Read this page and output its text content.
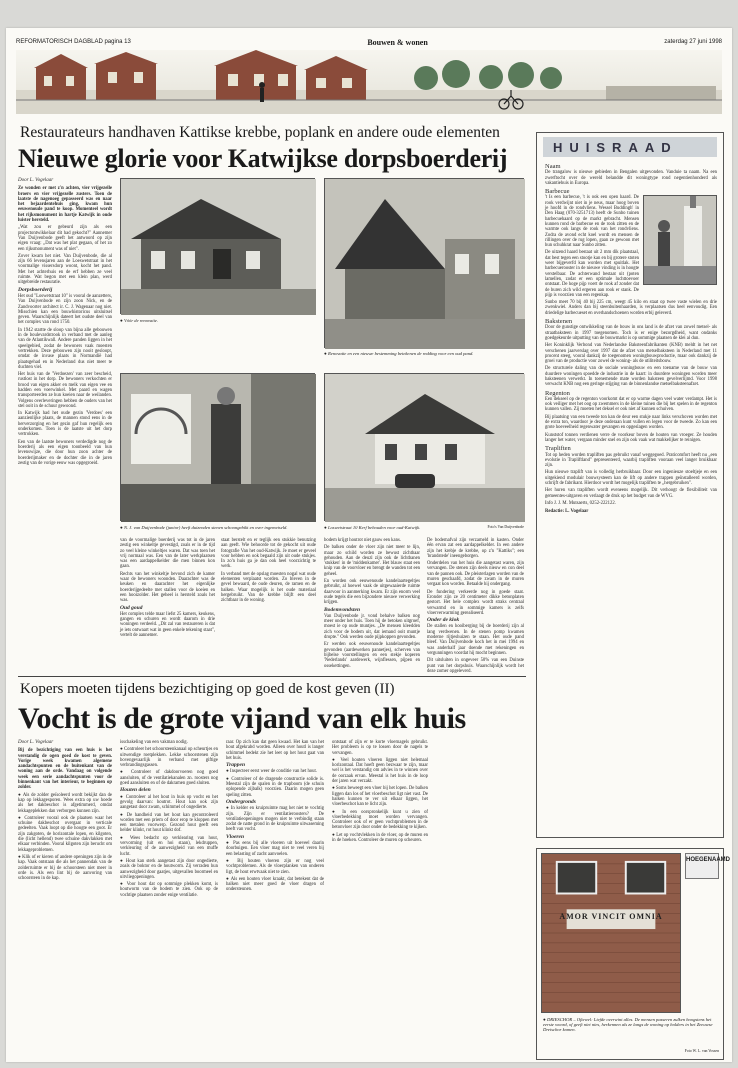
REFORMATORISCH DAGBLAD pagina 13	Bouwen & wonen	zaterdag 27 juni 1998
Restaurateurs handhaven Kattikse krebbe, poplank en andere oude elementen
Nieuwe glorie voor Katwijkse dorpsboerderij
Door L. Vogelaar

Ze wonden er met z'n achten, vier vrijgezelle broers en vier vrijgezelle zusters. Toen de laatste de nagenoeg gepasseerd was en naar het bejaardentehuis ging, kwam hun eeuwenoude pand te koop. Momenteel wordt het rijksmonument in hartje Katwijk in oude luister hersteld.

„Wat zou er gebeurd zijn als een projectontwikkelaar dit had gekocht?" Aannemer Van Duijvenbode geeft het antwoord op zijn eigen vraag: „Dat was het plat gegaan, of het zo een rijksmonument was of niet".

Zover kwam het niet. Van Duijvenbode, die al zijn 66 levensjaren aan de Loeswetstraat in het voormalige vissersdorp woont, kocht het pand. Met het achterhuis en de erf hebben ze veel ruimte. Wat begon met een klein plan, werd uitgebreide restauratie.

Dorpsboerderij

Het oud "Loswetstraat 10" is vooral de aanzetters, Van Duijvenbode en zijn zoon Nick, en de Zandvoorter architect ir. C. J. Wagenaar nog niet. Misschien kan een bouwhistoricus uitsluitsel geven. Waarschijnlijk dateert het oudste deel van het complex van rond 1750.

In 1942 startte de sloop van bijna alle gebouwen in de boulevardstrook in verband met de aanleg van de Atlantikwall. Andere panden liggen in het speelgebied, zodat de bewoners vaak moesten vertrekken. Deze gebouwen zijn nooit gesloopt, omdat de invase plaats in Normandië had plaatsgehad en in Nederland dus niet meer te duchten viel.

Het huis van de 'Verdoezen' van zeer bescheid, rustlost in het dorp. De bewoners verkochten er brood van eigen akker en melk van eigen vee en hadden een voerwinkel. Met paard en wagen transporteerden ze hun koeien naar de weilanden. Volgens overleveringen hebben de ouders van het stel ooit in de schuur gewoond.

In Katwijk had het oude gezin 'Verdoes' een aanzienlijke plaats, de mannen stond eens in de herverzorging en het gezin gaf hun regelijk een onderkomen. Toen is de laatste uit het dorp vertrokken.

Een van de laatste bewoners verdedigde nog de boerderij als een eigen toonbeeld van hun levenswijze, die door hun zoon achter de boerderijmaker en de dochter die in de jaren zestig van de vorige eeuw was opgegroeid.

● Vóór de renovatie.
● Renovatie en een nieuwe bestemming betekenen de redding voor een oud pand.
● N. J. van Duijvenbode (junior) heeft duizenden stenen schoongebikt en over ingemetseld.	● Loswetstraat 10 Kerf behouden voor oud-Katwijk.	Foto's Van Duijvenbode

van de voormalige boerderij was tot in de jaren zestig een winkeltje gevestigd, zoals er in de tijd zo veel kleine winkeltjes waren. Dat was toen het vrij normaal was. Een van de later werkplaatsen was een aardappelkelder die men binnen kon gaan.

Rechts van het winkeltje bevond zich de kamer waar de bewoners woonden. Daarachter was de keuken en daarachter het eigenlijke boerderijgedeelte met stallen voor de koeien en een hooizolder. Het geheel is hersteld zoals het was.

Oud goud

Het complex telde maar liefst 25 kamers, keukens, gangen en schuren en wordt daarom in drie woningen verdeeld. „Dit zal van restaureren is dat je iets ontwaart wat in geen enkele tekening staat", vertelt de aannemer.

staat berstelt en er teglijk een stukkie benutzing aan geeft. Wie behoorde tot de gekocht uit oude fotografie Van het oud-Katwijk. Je moet er geveel voor hebben en ook begaald zijn uit oude stukjes. In zo'n huis ga je dan ook heel voorzichtig te werk.

In verband met de opslag moesten nogal wat oude elementen verplaatst worden. Zo bleven in de gevel bewaard, de oude deuren, de ramen en de balken. Waar mogelijk is het oude materiaal hergebruikt. Van de krebbe blijft een deel zichtbaar in de woning.

bodem krijgt houtrot niet gauw een kans.

De balken onder de vloer zijn niet meer te lijn, maar zo schild worden ze bewust zichtbaar gehouden. Aan de deuzl zijn ook de lichtbanen 'stukken' in de 'middenkamer'. Het blauw staat een knip van de voorvloer en brengt de wanden tot een geheel.

En worden ook eeuwenoude kandelaartegeltjes gebruikt, al hoewel vaak de uitgewaaierde ruimte daarvoor in aanmerking kwam. Er zijn enorm veel oude tegels die een bijzondere nieuwe verwerking krijgen.

Bodemvondsten

Van Duijvenbode jr. vond behalve balken nog meer onder het huis. Toen hij de betoken uitgroef, moest ie op oude muntjes. „De mensen kleedden zich voor de bodem uit, dat iemand ooit muntje dropte." Ook werden oude pijpkoppen gevonden.

Er werden ook eeuwenoude kandelaartegeltjes gevonden (aardewerken pannetjes), scherven van bijbelse voorstellingen en een stekje koperen 'Nederlands' aardewerk, wijnflessen, pijpen en ossekettingen.

De bodemafval zijn verzameld in kasten. Onder één ervan zat een aardappelkelder. In een andere zijn het krebje de krebbe, op z'n "Kattiks"; een 'brandstede' ineengeborgen.

Onderdelen van het huis die aangetast waren, zijn vervangen. De stenen zijn deels nieuw en con deel van de pannen ook. De pleisterlagen worden van de muren geschaafd, zodat de zwam in de muren vergaat kon worden. Betaalde hij ondergang.

De fundering verkeerde nog in goede staat. Eronder zijn ze 20 centimeter dikke betonplaten gestort. Het hele complex wordt straks centraal verwarmd en in sommige kamers is zelfs vloerverwarming gerealiseerd.

Onder de klok

De stallen en hooiberging bij de boerderij zijn al lang verdwenen. In de stenen pomp kwamen moderne rijtjeshuizen te staan. Het oude pand bleef. Van Duijvenbode koch het in mei 1994 en was anderhalf jaar doende met rekeningen en vergunningen voordat hij mocht beginnen.

Dit uitsluiten in ongeveer 50% van een Duinste punt van het dorpshuis. Waarschijnlijk wordt het deze zomer opgeleverd.

HUISRAAD
Naam

De trangalow is nieuwe gebieden in Bengalen uitgevonden. Vanduie ta naam. Na een zwerftocht over de wereld belandde dit woningtype rond negentienhonderd als vakantiehuis in Europa.

Barbecue

't Is een barbecue, 't is ook een open haard. De rook verdwijnt niet in je neus, maar hoog boven je hoofd in de rondvliens. Wessel Buddingh' in Den Haag (070-3251713) heeft de Sunbo tuinen barbecuehaard op de markt gebracht. Mensen kunnen rond de barbecue en de rook zitten en de warmte ook langs de rook van het rondvliens. Zodra de avond echt koel wordt en mensen de rillingen over de rug lopen, gaan ze gewoon met hun schuhkrat naar Sunbo zitten.

De uitzend haard bestaat uit 2 mm dik plaatstaal, dat best tegen een stootje kan en bij grotere stoten weer bijgeverfd kan worden met spuitlak. Het barbecuerooster in de nieuwe vinding is in hoogte verstelbaar. De achterwand bestaat uit (poten lamellen, zodat er een optimale luchttoevoer ontstaat. De hoge pijp voert de rook af zonder dat de buren zich wild ergeren aan rook er stank. De pijp is voorzien van een regenkap.

Sunbo meet 70 bij 40 bij 225 cm, weegt 45 kilo en staat op twee vaste wielen en drie zwenkwiel. Anders dan bij steenbuitenhaarden, is verplaatsen dus heel eenvoudig. Een driedelige barbecueset en overhandschoenen worden erbij geleverd.

Bakstenen

Door de gunstige ontwikkeling van de bouw in ons land is de afzet van zowel metsel- als straatbaksteen in 1997 toegenomen. Toch is er enige bezorgdheid, want ondanks goedgekeurde uitputting van de bouwmarkt is op sommige plaatsen de klei al dun.

Het Koninklijk Verbond van Nederlandse Baksteenfabrikanten (KNB) meldt in het net verschenen jaarverslag over 1997 dat de afzet van metselbaksteen in Nederland met 11 procent steeg, vooral dankzij de toegenomen woningbouwproductie, maar ook dankzij de groei van de productie voor zowel de woning- als de utiliteitsbouw.

De structurele daling van de sociale woningbouw en een toename van de bouw van duurdere woningen spoedde de industrie in de kaart: in duurdere woningen worden meer baksteenen verwerkt. In toenemende mate worden baksteen gevelverlijmd. Voor 1998 verwacht KNB nog een geringe stijging van de binnenlandse metselbaksteenafzet.

Regenton

Een dekseel op de regenton voorkomt dat er op warme dagen veel water verdampt. Het is ook veiliger met het oog op zwemmers in de kleine tuinen die bij het spelen in de regenton kunnen vallen. Zij moeten het deksel er ook niet af kunnen schuiven.

Bij plaatsing van een tweede ton kan de deur een stukje naar links verschoven worden met de extra ton, waardoor je deze onderaan kunt vullen en legen voor de tweede. Zo kan een grote hoeveelheid regenwater gevangen en opgeslagen worden.

Kunststof tonnen verdienen verre de voorkeur boven de houten van vroeger. Ze houden langer het water, vergaan minder snel en zijn ook vaak wat makkelijker te reinigen.

Trapliften

Tot op heden worden trapliften pas gebruikt vanaf weggegoed. Praticomfort heeft nu „een evolutie in Trapliftland" gepresenteerd, waarbij trapliften vooraan veel langer bruikbaar zijn.

Hun nieuwe traplift van is volledig herbruikbaar. Door een ingenieuze stoeltjeje en een uitgekiend modulair bouwsysteem kan de lift op andere trappen geïnstalleerd worden, schrijft de fabrikant. Hierdoor wordt het mogelijk trapliften te „hergebruiken".

Het huren van trapliften wordt eveneens mogelijk. Dit verhoogt de flexibiliteit van gemeentes-uitgaven en verlaagt de druk op het budget van de WVG.

Info J. J. M. Mutsaerts, 0252-222122.

Redactie: L. Vogelaar

Kopers moeten tijdens bezichtiging op goed de kost geven (II)
Vocht is de grote vijand van elk huis
Door L. Vogelaar

Bij de bezichtiging van een huis is het verstandig de ogen goed de kost te geven. Vorige week kwamen algemene aandachtspunten en de buitenkant van de woning aan de orde. Vandaag on volgende week een serie aandachtspunten voor de binnenkant van het interieur, te beginnen op zolder.

● Als de zolder geïsoleerd wordt bekijkt dan de kap op lekkagesporen. Wees extra op uw hoede als het dakbeschot is afgetimmerd, omdat lekkageplekken dan verborgen kunnen zijn.

● Controleer vooral ook de plaatsen waar het schuine dakbeschot overgaat in verticale gedeelten. Vaak loopt op die hoogte een goot. Er zijn zakgoten, de horizontale lopen, en kilgoten, die (licht hellend) twee schuine dakvlakken met elkaar verbinden. Vooral kilgoten zijn berucht om lekkageproblemen.

● Klik of er kieren of andere openingen zijn in de kap. Vaak ontstaan die als het pannendak van de zolderruimte er bij de schoorsteen niet meer in orde is. Als een lint bij de aanvoring van schoorsteen in de kap.

isschakeling van een vakman nodig.

● Controleer het schoorsteenkanaal op scheurtjes en uitwendige roetplekken. Lekke schoorstenen zijn bovengevaarlijk in verband met giftige verbrandingsgassen.

● Controleer of dakdoorvoeren nog goed aansluiten, of de ventilatiekanalen zn. roosters nog goed aansluiten en of de dakramen goed sluiten.

Houten delen

● Controleer al het hout in huis op vocht en het gevolg daarvan: houtrot. Hout kan ook zijn aangetast door zwam, schimmel of ongedierte.

● De handheid van het hout kan gecontroleerd worden met een priem of door erop te kloppen met een metalen voorwerp. Gezond hout geeft een helder klinkt, rot hout klinkt dof.

● Wees bedacht op verklearing van hout, vervorming (uit en hoi staan), lekdruppen, verkleuring of de aanwezigheid van een muffe lucht.

● Hout kan sterk aangetast zijn door ongedierte, zoals de boktor en de houtworm. Zij verraden hun aanwezigheid door gaatjes, uitgevallen boormeel en uitvliegopeningen.

● Voor hout dat op sommige plekken komt, is houtworm van de bodem te zien. Ook op de vochtige plaatsen zonder enige ventilatie.

raar. Op zich kan dat geen kwaad. Het kan van het hout afgekrabd worden. Alleen over houtl is langer schimmel bedekt zie het leet op het hout gaat van het huis.

Trappen

● Inspecteer eerst weer de conditie van het hout.

● Controleer of de dragende constructie solide is. Meestal zijn de spalen in de trapboom (de schuin oplopende zijbalk) voorzien. Daarin mogen geen speling zitten.

Ondergronds

● In kelder en kruipruimte mag het niet te vochtig zijn. Zijn er ventilatieroosters? De ventilatieopeningen mogen niet te verbindig staan zodat de natte grond in de kruipruimte uitwaseming heeft van vocht.

Vloeren

● Pas eens bij alle vloeren uit hoeveel daarin doorbuigen. Een vloer mag niet te veel veren bij een belasting of zacht aanvoelen.

● Bij houten vloeren zijn er nog veel vochtproblemen. Als de vloerplanken van onderen ligt, de hout erwtvaak niet te zien.

● Als een houten vloer kraakt, dat betekent dat de balken niet meer goed de vloer dragen of ondersteunen.

ontstaat of zijn er te korte vloernagels gebruikt. Het probleem is op te lossen door de nagels te vervangen.

● Veel houten vloeren liggen niet helemaal horizontaal. Dat hoeft geen bezwaar te zijn, maar wel is het verstandig om advies in te winnen over de oorzaak ervan. Meestal is het huis in de loop der jaren wat verzakt.

● Soms beweegt een vloer bij het lopen. De balken liggen dan los of het vloerbeschot ligt niet vast. De balken kunnen te ver uit elkaar liggen, het vloerbeschot kan te licht zijn.

● In een oorspronkelijk kunt u zien of vloerbedekking moet worden vervangen. Controleer ook of er geen vochtproblemen in de betonvloer zijn door onder de bedekking te kijken.

● Let op vochtvlekken in de vloer, op de muren en in de hoeken. Controleer de muren op scheuren.

AMOR VINCIT OMNIA
HOEGENAAMD
● DRIESCHOR – Oftewel: Liefde overwint alles. De mensen passeren zulken hoogstens het eerste woord, of geeft niet nies, herkennen als ze langs de woning op holders in het Zeeuwse Dreischor komen.
Foto W. L. van Vossen
